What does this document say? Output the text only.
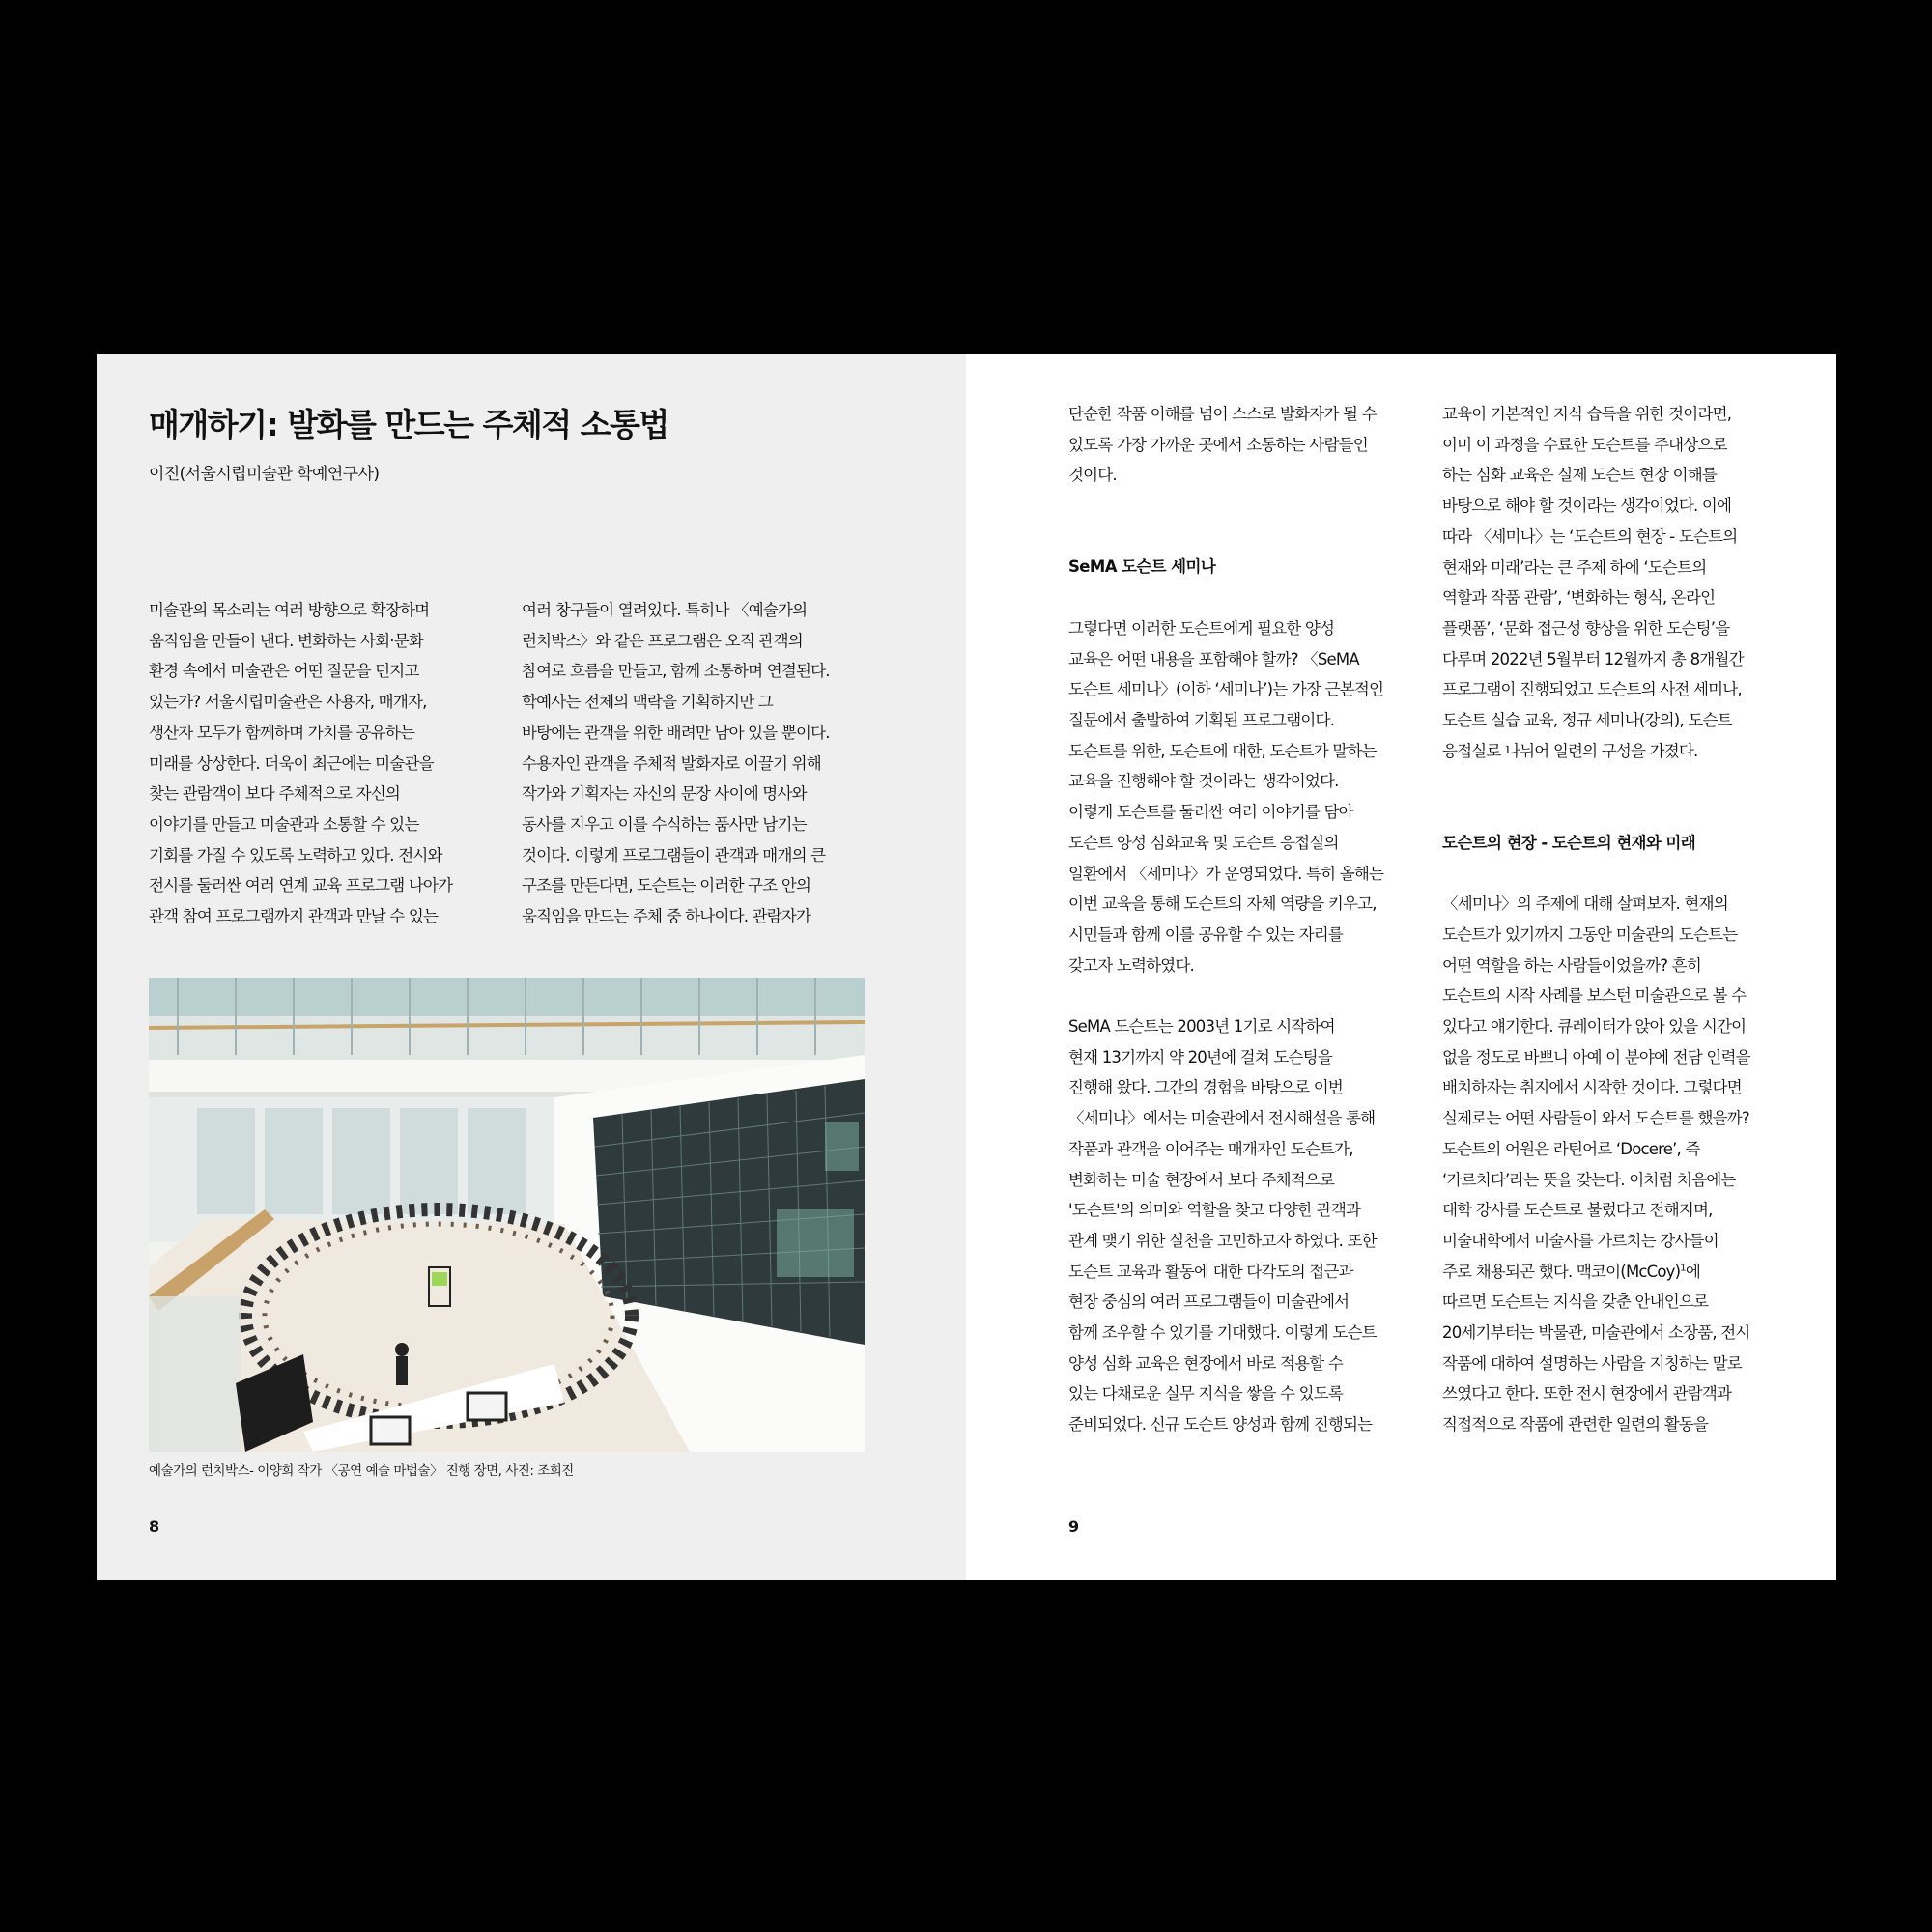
매개하기: 발화를 만드는 주체적 소통법
이진(서울시립미술관 학예연구사)

미술관의 목소리는 여러 방향으로 확장하며

움직임을 만들어 낸다. 변화하는 사회·문화

환경 속에서 미술관은 어떤 질문을 던지고

있는가? 서울시립미술관은 사용자, 매개자,

생산자 모두가 함께하며 가치를 공유하는

미래를 상상한다. 더욱이 최근에는 미술관을

찾는 관람객이 보다 주체적으로 자신의

이야기를 만들고 미술관과 소통할 수 있는

기회를 가질 수 있도록 노력하고 있다. 전시와

전시를 둘러싼 여러 연계 교육 프로그램 나아가

관객 참여 프로그램까지 관객과 만날 수 있는

여러 창구들이 열려있다. 특히나 〈예술가의

런치박스〉와 같은 프로그램은 오직 관객의

참여로 흐름을 만들고, 함께 소통하며 연결된다.

학예사는 전체의 맥락을 기획하지만 그

바탕에는 관객을 위한 배려만 남아 있을 뿐이다.

수용자인 관객을 주체적 발화자로 이끌기 위해

작가와 기획자는 자신의 문장 사이에 명사와

동사를 지우고 이를 수식하는 품사만 남기는

것이다. 이렇게 프로그램들이 관객과 매개의 큰

구조를 만든다면, 도슨트는 이러한 구조 안의

움직임을 만드는 주체 중 하나이다. 관람자가

예술가의 런치박스- 이양희 작가 〈공연 예술 마법술〉 진행 장면, 사진: 조희진
8

단순한 작품 이해를 넘어 스스로 발화자가 될 수

있도록 가장 가까운 곳에서 소통하는 사람들인

것이다.

SeMA 도슨트 세미나

그렇다면 이러한 도슨트에게 필요한 양성

교육은 어떤 내용을 포함해야 할까? 〈SeMA

도슨트 세미나〉(이하 ‘세미나’)는 가장 근본적인

질문에서 출발하여 기획된 프로그램이다.

도슨트를 위한, 도슨트에 대한, 도슨트가 말하는

교육을 진행해야 할 것이라는 생각이었다.

이렇게 도슨트를 둘러싼 여러 이야기를 담아

도슨트 양성 심화교육 및 도슨트 응접실의

일환에서 〈세미나〉가 운영되었다. 특히 올해는

이번 교육을 통해 도슨트의 자체 역량을 키우고,

시민들과 함께 이를 공유할 수 있는 자리를

갖고자 노력하였다.

SeMA 도슨트는 2003년 1기로 시작하여

현재 13기까지 약 20년에 걸쳐 도슨팅을

진행해 왔다. 그간의 경험을 바탕으로 이번

〈세미나〉에서는 미술관에서 전시해설을 통해

작품과 관객을 이어주는 매개자인 도슨트가,

변화하는 미술 현장에서 보다 주체적으로

'도슨트'의 의미와 역할을 찾고 다양한 관객과

관계 맺기 위한 실천을 고민하고자 하였다. 또한

도슨트 교육과 활동에 대한 다각도의 접근과

현장 중심의 여러 프로그램들이 미술관에서

함께 조우할 수 있기를 기대했다. 이렇게 도슨트

양성 심화 교육은 현장에서 바로 적용할 수

있는 다채로운 실무 지식을 쌓을 수 있도록

준비되었다. 신규 도슨트 양성과 함께 진행되는

교육이 기본적인 지식 습득을 위한 것이라면,

이미 이 과정을 수료한 도슨트를 주대상으로

하는 심화 교육은 실제 도슨트 현장 이해를

바탕으로 해야 할 것이라는 생각이었다. 이에

따라 〈세미나〉는 ‘도슨트의 현장 - 도슨트의

현재와 미래’라는 큰 주제 하에 ‘도슨트의

역할과 작품 관람’, ‘변화하는 형식, 온라인

플랫폼’, ‘문화 접근성 향상을 위한 도슨팅’을

다루며 2022년 5월부터 12월까지 총 8개월간

프로그램이 진행되었고 도슨트의 사전 세미나,

도슨트 실습 교육, 정규 세미나(강의), 도슨트

응접실로 나뉘어 일련의 구성을 가졌다.

도슨트의 현장 - 도슨트의 현재와 미래

〈세미나〉의 주제에 대해 살펴보자. 현재의

도슨트가 있기까지 그동안 미술관의 도슨트는

어떤 역할을 하는 사람들이었을까? 흔히

도슨트의 시작 사례를 보스턴 미술관으로 볼 수

있다고 얘기한다. 큐레이터가 앉아 있을 시간이

없을 정도로 바쁘니 아예 이 분야에 전담 인력을

배치하자는 취지에서 시작한 것이다. 그렇다면

실제로는 어떤 사람들이 와서 도슨트를 했을까?

도슨트의 어원은 라틴어로 ‘Docere’, 즉

‘가르치다’라는 뜻을 갖는다. 이처럼 처음에는

대학 강사를 도슨트로 불렀다고 전해지며,

미술대학에서 미술사를 가르치는 강사들이

주로 채용되곤 했다. 맥코이(McCoy)$^1$에

따르면 도슨트는 지식을 갖춘 안내인으로

20세기부터는 박물관, 미술관에서 소장품, 전시

작품에 대하여 설명하는 사람을 지칭하는 말로

쓰였다고 한다. 또한 전시 현장에서 관람객과

직접적으로 작품에 관련한 일련의 활동을

9
